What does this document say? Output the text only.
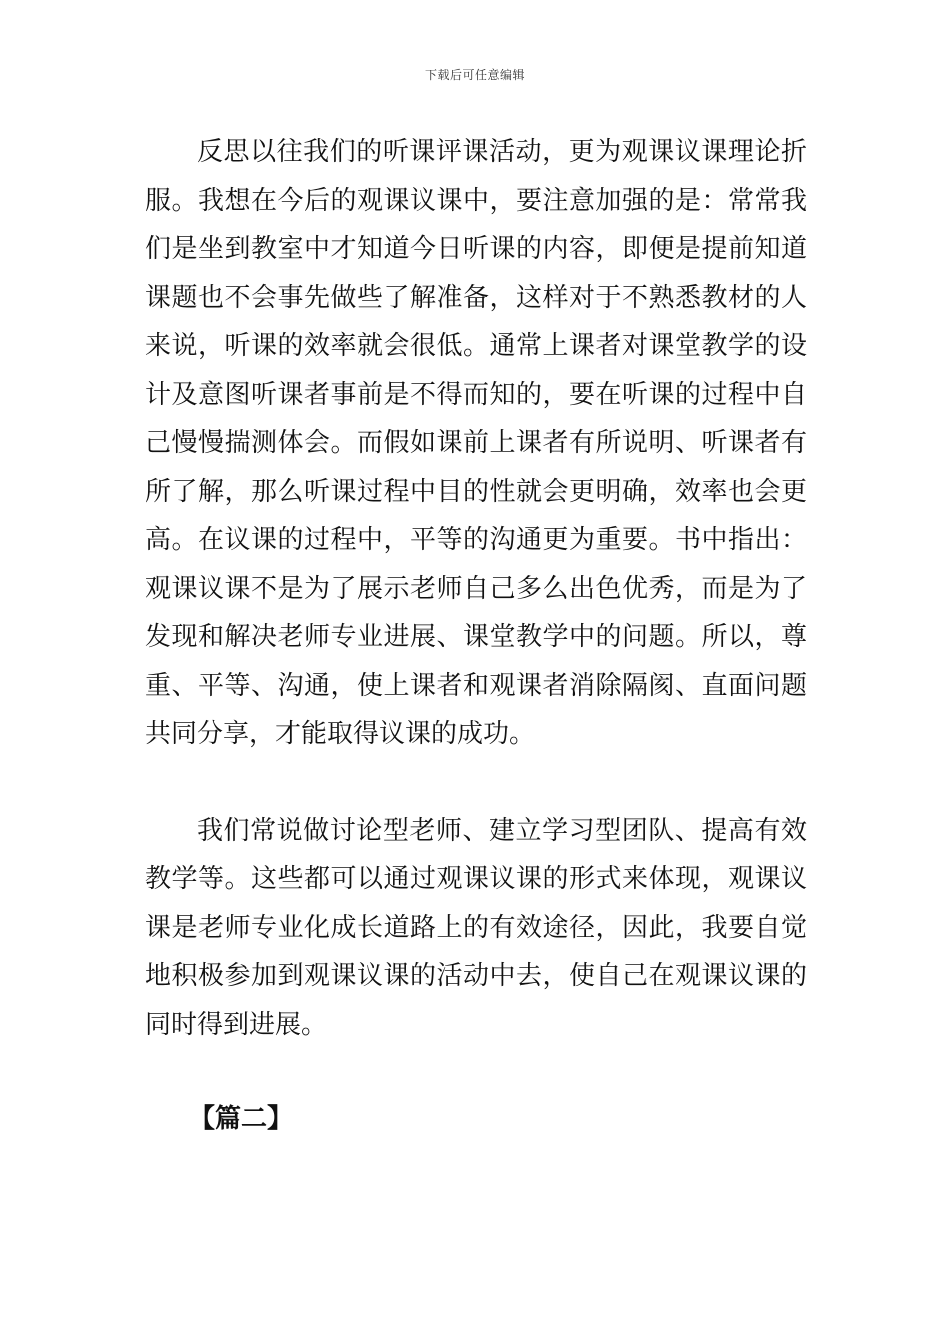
下载后可任意编辑

反思以往我们的听课评课活动，更为观课议课理论折服。我想在今后的观课议课中，要注意加强的是：常常我们是坐到教室中才知道今日听课的内容，即便是提前知道课题也不会事先做些了解准备，这样对于不熟悉教材的人来说，听课的效率就会很低。通常上课者对课堂教学的设计及意图听课者事前是不得而知的，要在听课的过程中自己慢慢揣测体会。而假如课前上课者有所说明、听课者有所了解，那么听课过程中目的性就会更明确，效率也会更高。在议课的过程中，平等的沟通更为重要。书中指出：观课议课不是为了展示老师自己多么出色优秀，而是为了发现和解决老师专业进展、课堂教学中的问题。所以，尊重、平等、沟通，使上课者和观课者消除隔阂、直面问题共同分享，才能取得议课的成功。

我们常说做讨论型老师、建立学习型团队、提高有效教学等。这些都可以通过观课议课的形式来体现，观课议课是老师专业化成长道路上的有效途径，因此，我要自觉地积极参加到观课议课的活动中去，使自己在观课议课的同时得到进展。

【篇二】
